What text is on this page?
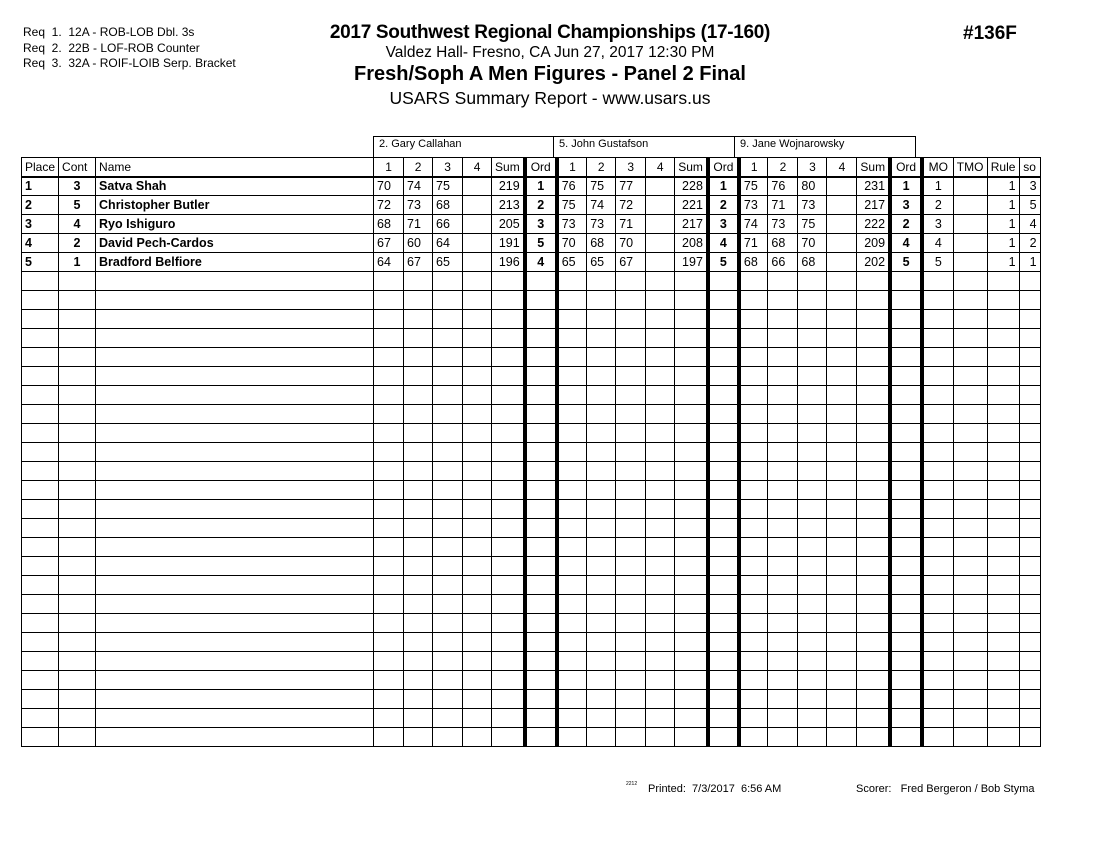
Req  1.  12A - ROB-LOB Dbl. 3s
Req  2.  22B - LOF-ROB Counter
Req  3.  32A - ROIF-LOIB Serp. Bracket
2017 Southwest Regional Championships (17-160)
Valdez Hall- Fresno, CA Jun 27, 2017 12:30 PM
Fresh/Soph A Men Figures - Panel 2 Final
USARS Summary Report - www.usars.us
#136F
2. Gary Callahan	5. John Gustafson	9. Jane Wojnarowsky
Place	Cont	Name	1	2	3	4	Sum	Ord	1	2	3	4	Sum	Ord	1	2	3	4	Sum	Ord	MO	TMO	Rule	so
1	3	Satva Shah	70	74	75		219	1	76	75	77		228	1	75	76	80		231	1	1		1	3
2	5	Christopher Butler	72	73	68		213	2	75	74	72		221	2	73	71	73		217	3	2		1	5
3	4	Ryo Ishiguro	68	71	66		205	3	73	73	71		217	3	74	73	75		222	2	3		1	4
4	2	David Pech-Cardos	67	60	64		191	5	70	68	70		208	4	71	68	70		209	4	4		1	2
5	1	Bradford Belfiore	64	67	65		196	4	65	65	67		197	5	68	66	68		202	5	5		1	1

2212 Printed:  7/3/2017  6:56 AM	Scorer:   Fred Bergeron / Bob Styma
